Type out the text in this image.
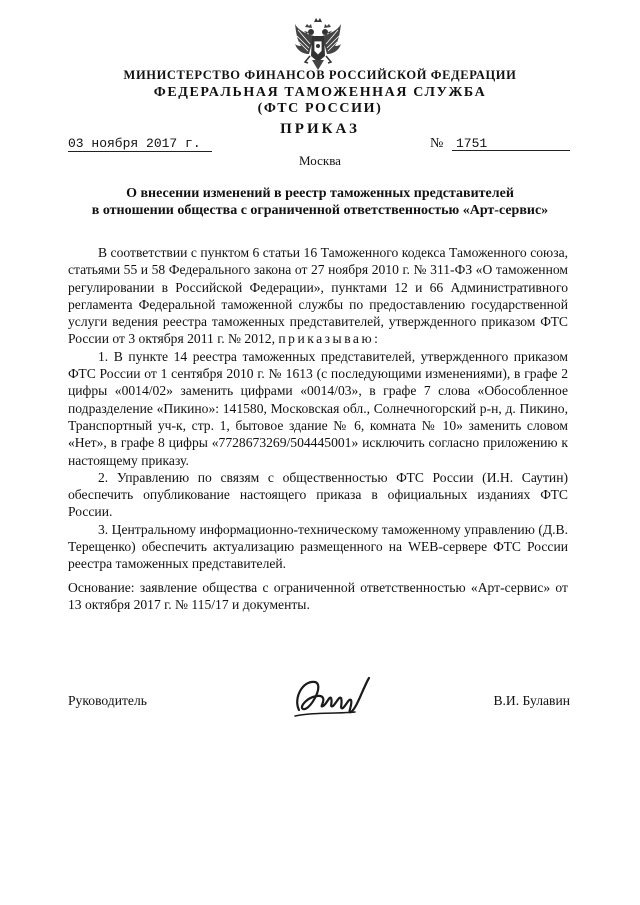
МИНИСТЕРСТВО ФИНАНСОВ РОССИЙСКОЙ ФЕДЕРАЦИИ
ФЕДЕРАЛЬНАЯ ТАМОЖЕННАЯ СЛУЖБА
(ФТС РОССИИ)
ПРИКАЗ
03 ноября 2017 г.	№ 1751
Москва
О внесении изменений в реестр таможенных представителей
в отношении общества с ограниченной ответственностью «Арт-сервис»

В соответствии с пунктом 6 статьи 16 Таможенного кодекса Таможенного союза, статьями 55 и 58 Федерального закона от 27 ноября 2010 г. № 311-ФЗ «О таможенном регулировании в Российской Федерации», пунктами 12 и 66 Административного регламента Федеральной таможенной службы по предоставлению государственной услуги ведения реестра таможенных представителей, утвержденного приказом ФТС России от 3 октября 2011 г. № 2012, приказываю:

1. В пункте 14 реестра таможенных представителей, утвержденного приказом ФТС России от 1 сентября 2010 г. № 1613 (с последующими изменениями), в графе 2 цифры «0014/02» заменить цифрами «0014/03», в графе 7 слова «Обособленное подразделение «Пикино»: 141580, Московская обл., Солнечногорский р-н, д. Пикино, Транспортный уч-к, стр. 1, бытовое здание № 6, комната № 10» заменить словом «Нет», в графе 8 цифры «7728673269/504445001» исключить согласно приложению к настоящему приказу.

2. Управлению по связям с общественностью ФТС России (И.Н. Саутин) обеспечить опубликование настоящего приказа в официальных изданиях ФТС России.

3. Центральному информационно-техническому таможенному управлению (Д.В. Терещенко) обеспечить актуализацию размещенного на WEB-сервере ФТС России реестра таможенных представителей.

Основание: заявление общества с ограниченной ответственностью «Арт-сервис» от 13 октября 2017 г. № 115/17 и документы.

Руководитель	В.И. Булавин
